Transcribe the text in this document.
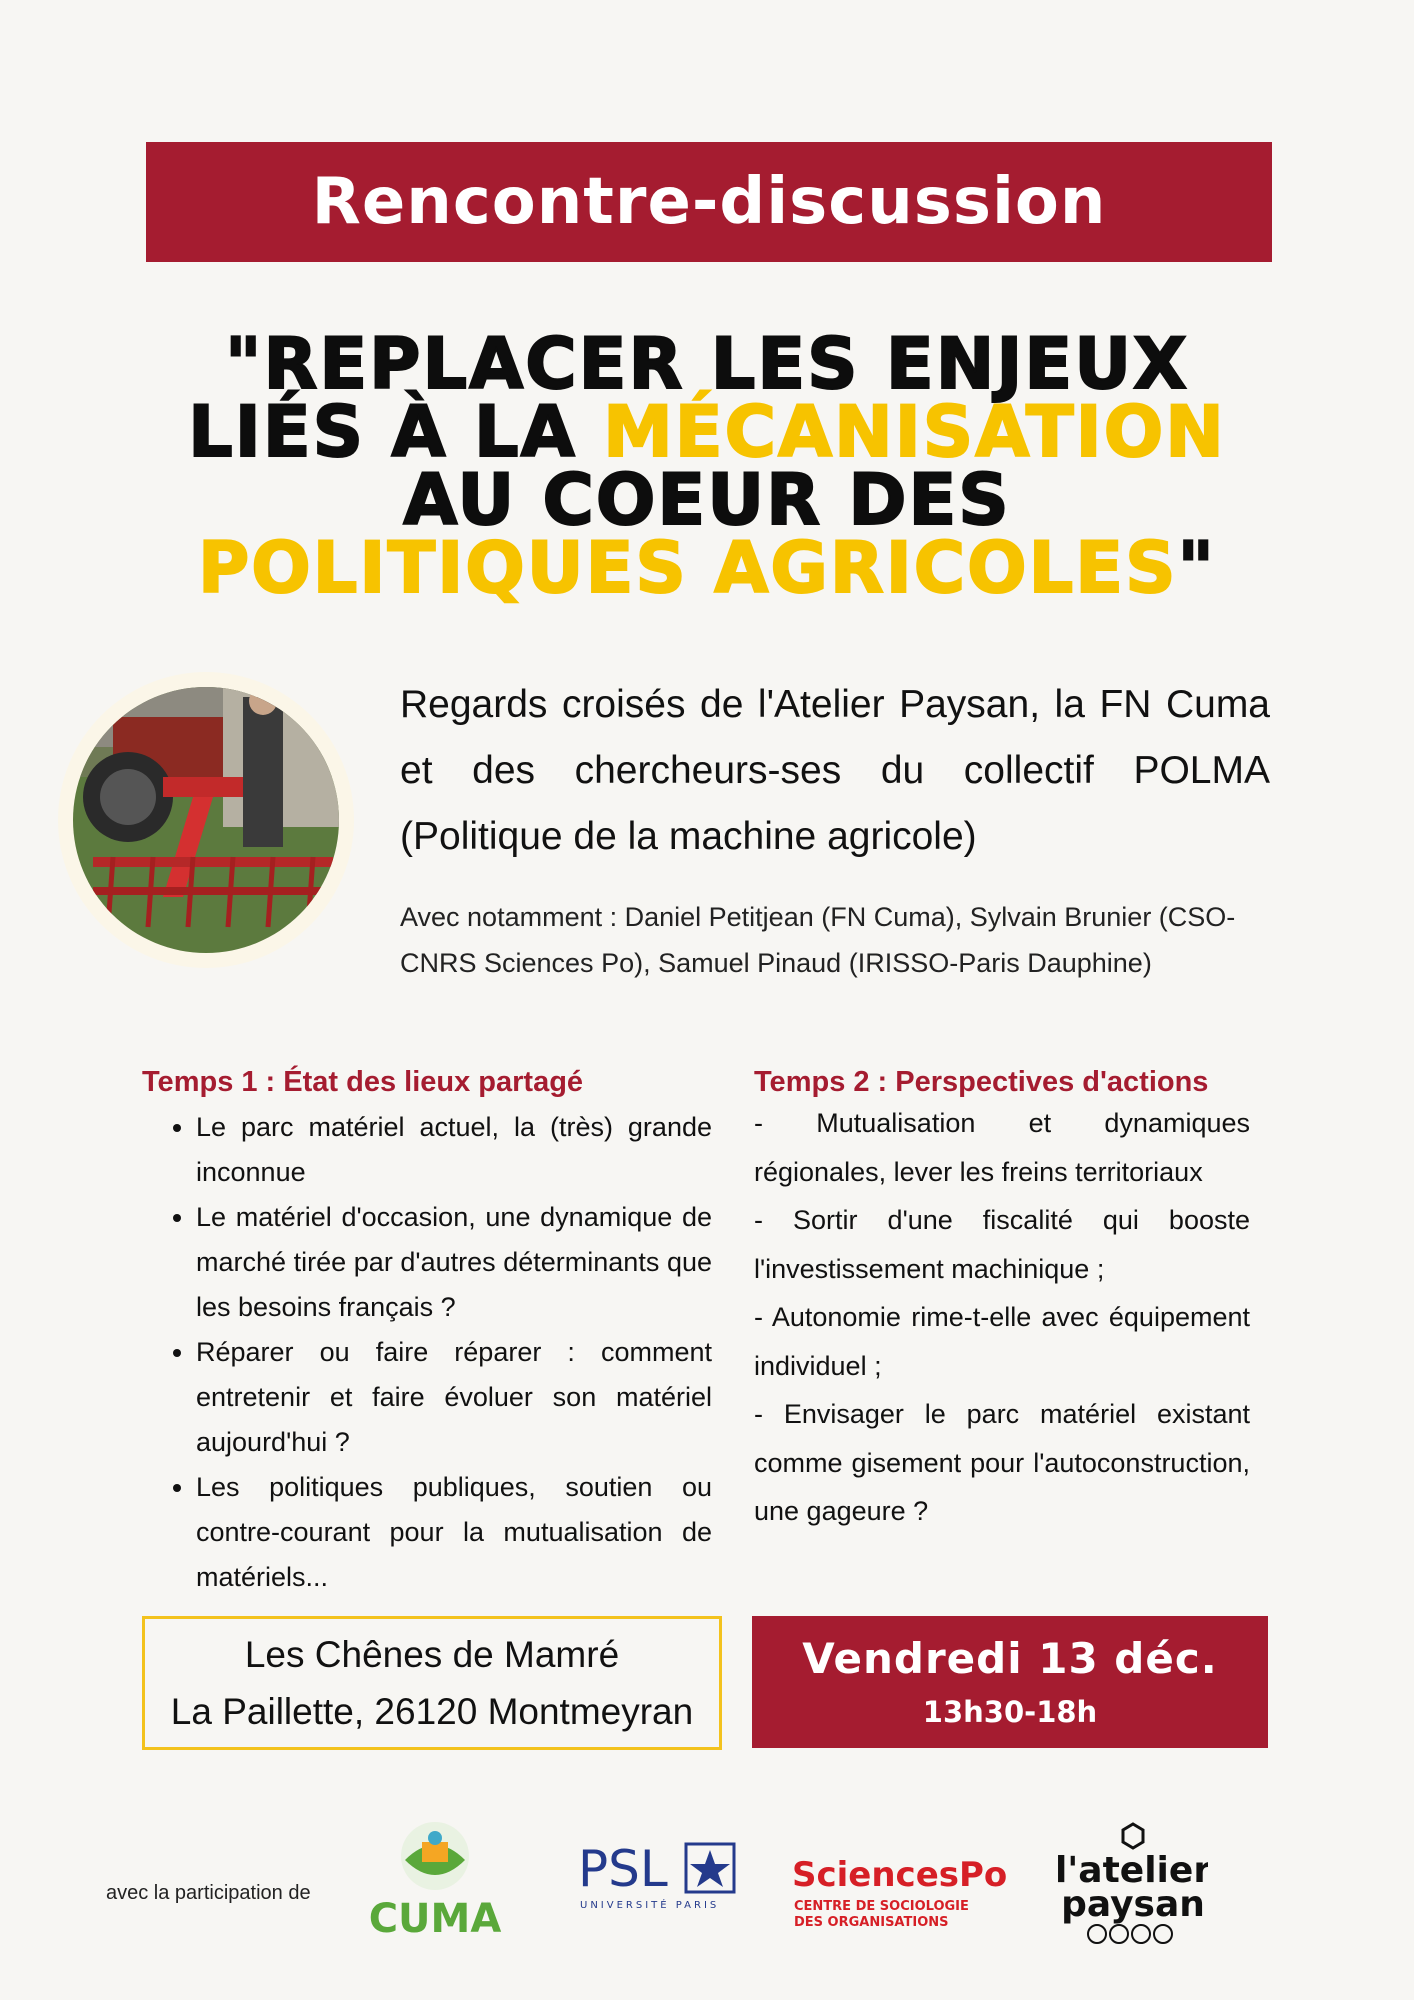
Rencontre-discussion
"REPLACER LES ENJEUX
LIÉS À LA MÉCANISATION
AU COEUR DES
POLITIQUES AGRICOLES"

Regards croisés de l'Atelier Paysan, la FN Cuma et des chercheurs-ses du collectif POLMA (Politique de la machine agricole)

Avec notamment : Daniel Petitjean (FN Cuma), Sylvain Brunier (CSO-CNRS Sciences Po), Samuel Pinaud (IRISSO-Paris Dauphine)
Temps 1 : État des lieux partagé
• Le parc matériel actuel, la (très) grande inconnue
• Le matériel d'occasion, une dynamique de marché tirée par d'autres déterminants que les besoins français ?
• Réparer ou faire réparer : comment entretenir et faire évoluer son matériel aujourd'hui ?
• Les politiques publiques, soutien ou contre-courant pour la mutualisation de matériels...
Temps 2 : Perspectives d'actions
- Mutualisation et dynamiques régionales, lever les freins territoriaux
- Sortir d'une fiscalité qui booste l'investissement machinique ;
- Autonomie rime-t-elle avec équipement individuel ;
- Envisager le parc matériel existant comme gisement pour l'autoconstruction, une gageure ?
Les Chênes de Mamré
La Paillette, 26120 Montmeyran
Vendredi 13 déc.
13h30-18h
avec la participation de
CUMA
PSL
UNIVERSITÉ PARIS
SciencesPo
CENTRE DE SOCIOLOGIE
DES ORGANISATIONS
l'atelier
paysan
